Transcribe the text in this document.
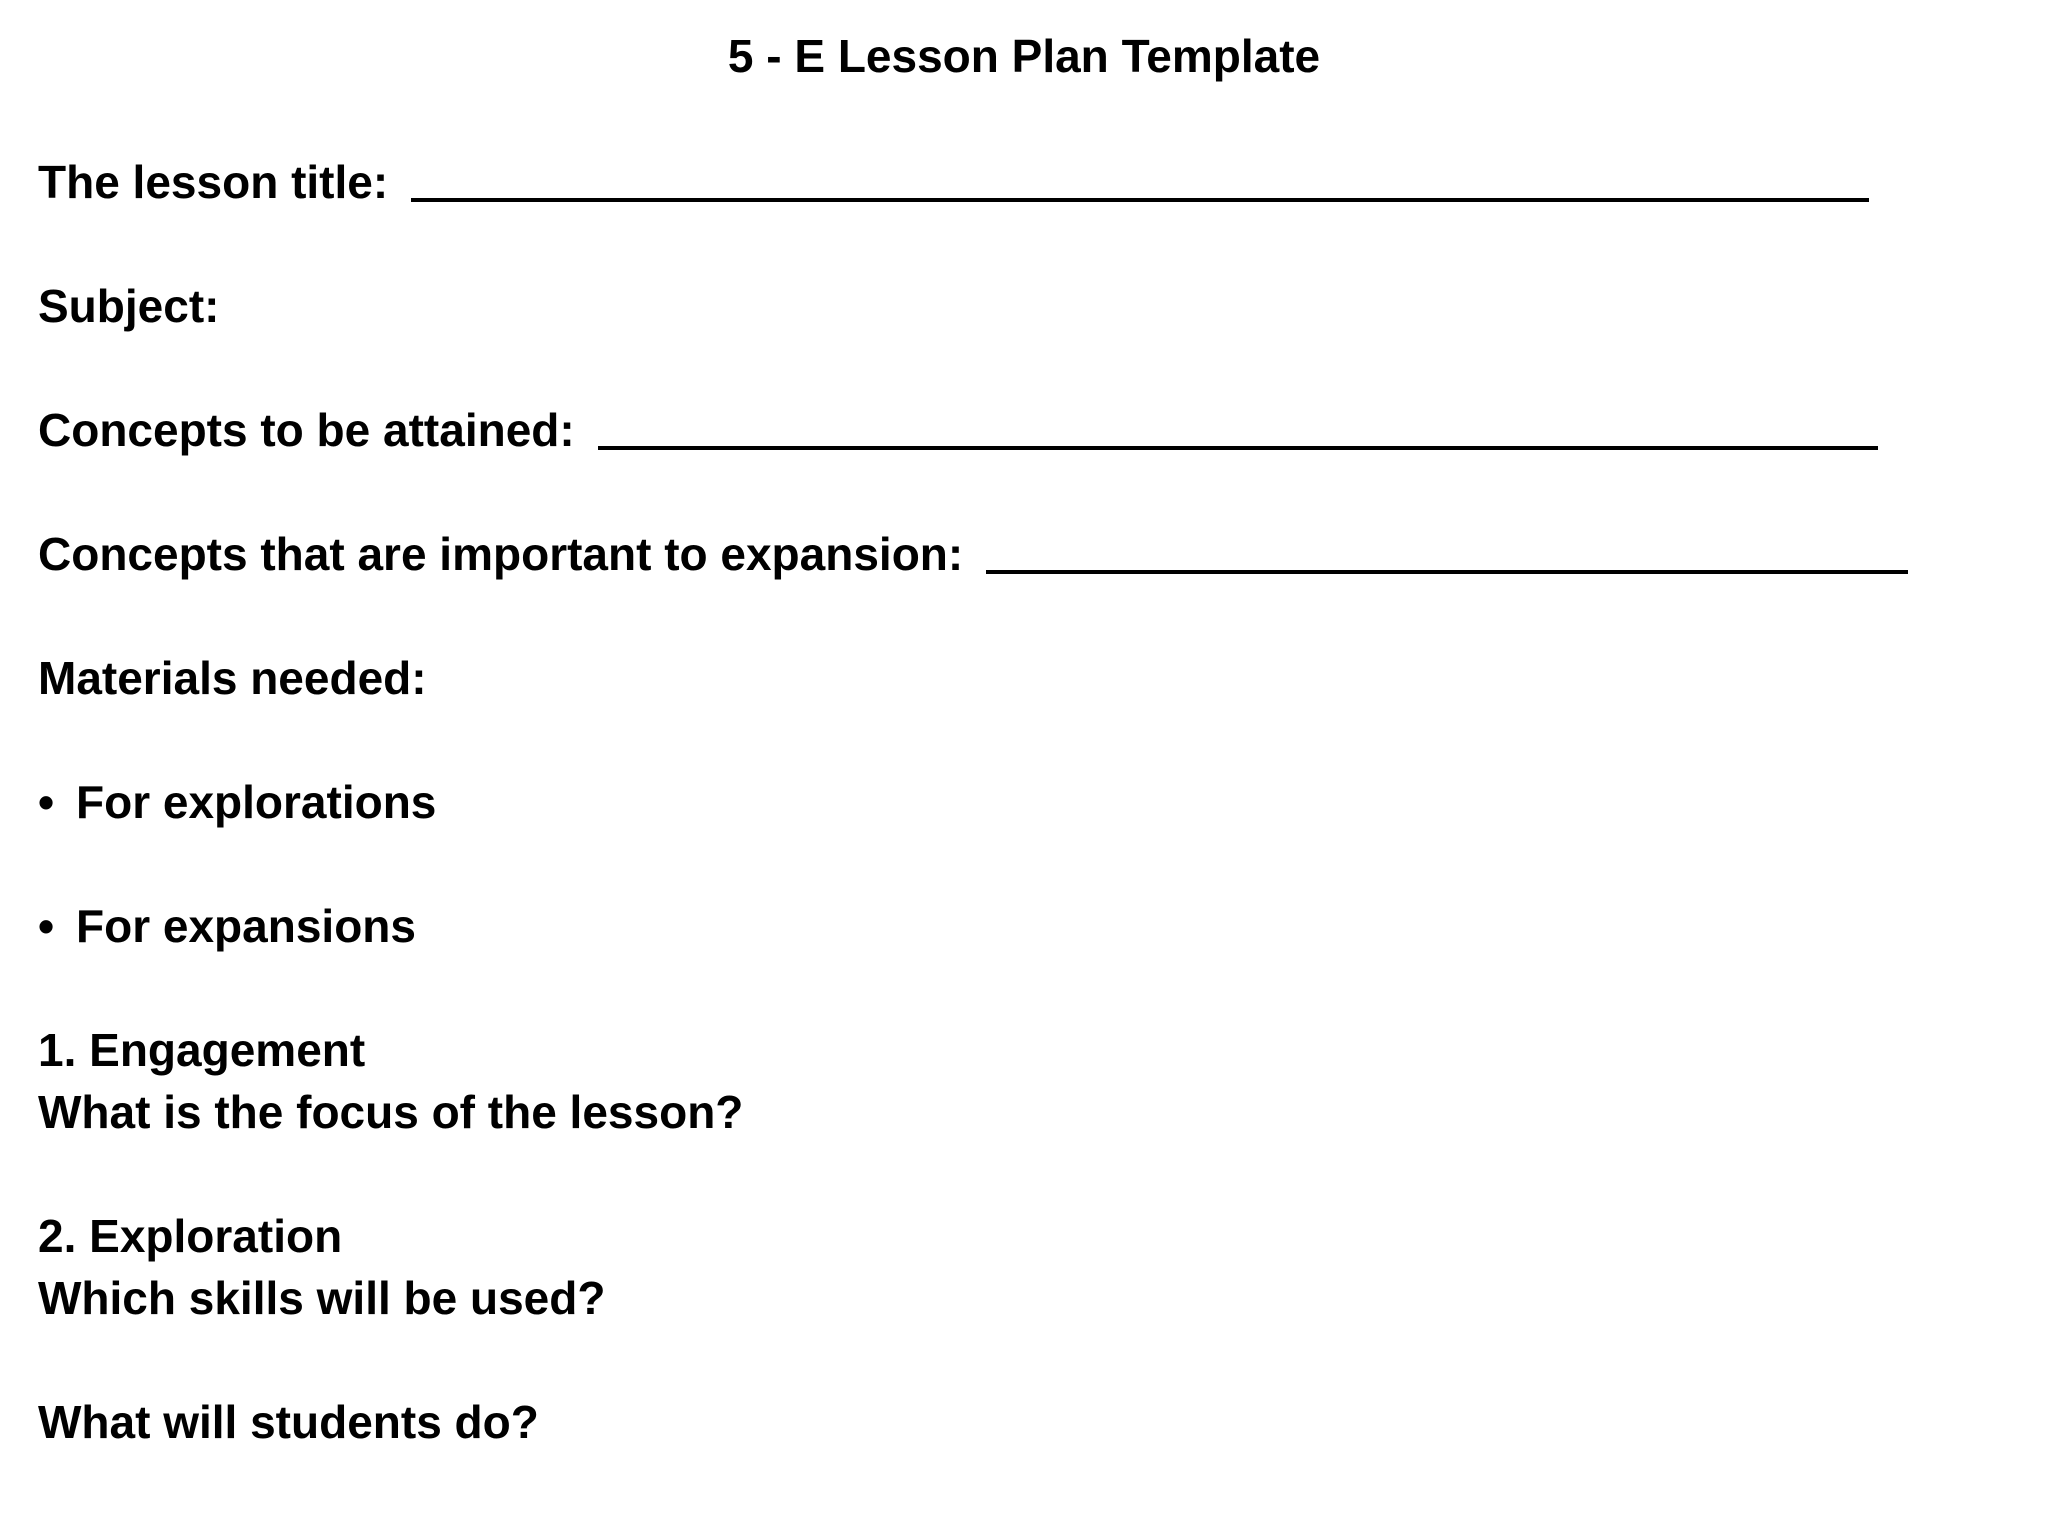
5 - E Lesson Plan Template

The lesson title:

Subject:

Concepts to be attained:

Concepts that are important to expansion:

Materials needed:

• For explorations

• For expansions

1. Engagement

What is the focus of the lesson?

2. Exploration

Which skills will be used?

What will students do?
